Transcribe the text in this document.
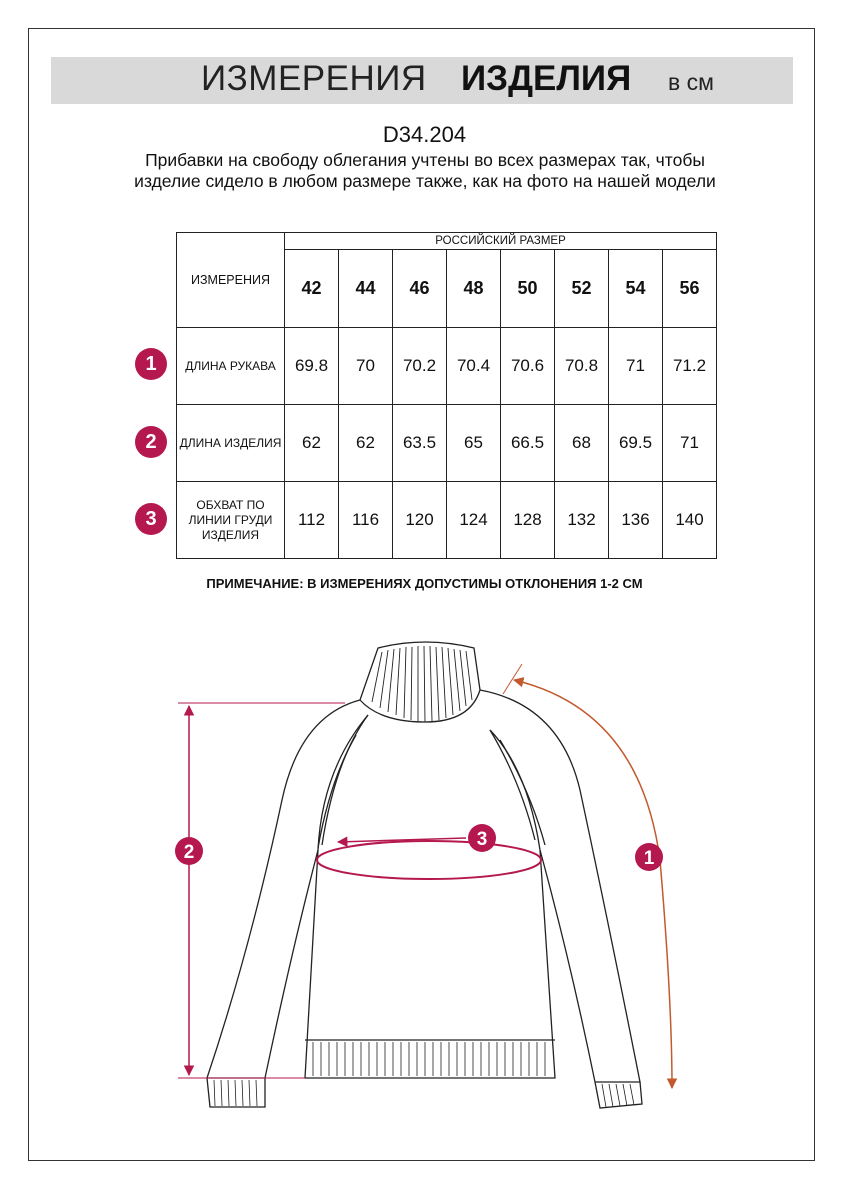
ИЗМЕРЕНИЯ ИЗДЕЛИЯ в см
D34.204
Прибавки на свободу облегания учтены во всех размерах так, чтобы изделие сидело в любом размере также, как на фото на нашей модели
ИЗМЕРЕНИЯ	РОССИЙСКИЙ РАЗМЕР							
	42	44	46	48	50	52	54	56
ДЛИНА РУКАВА	69.8	70	70.2	70.4	70.6	70.8	71	71.2
ДЛИНА ИЗДЕЛИЯ	62	62	63.5	65	66.5	68	69.5	71
ОБХВАТ ПО ЛИНИИ ГРУДИ ИЗДЕЛИЯ	112	116	120	124	128	132	136	140
1
2
3
ПРИМЕЧАНИЕ: В ИЗМЕРЕНИЯХ ДОПУСТИМЫ ОТКЛОНЕНИЯ 1-2 СМ
2
3
1
